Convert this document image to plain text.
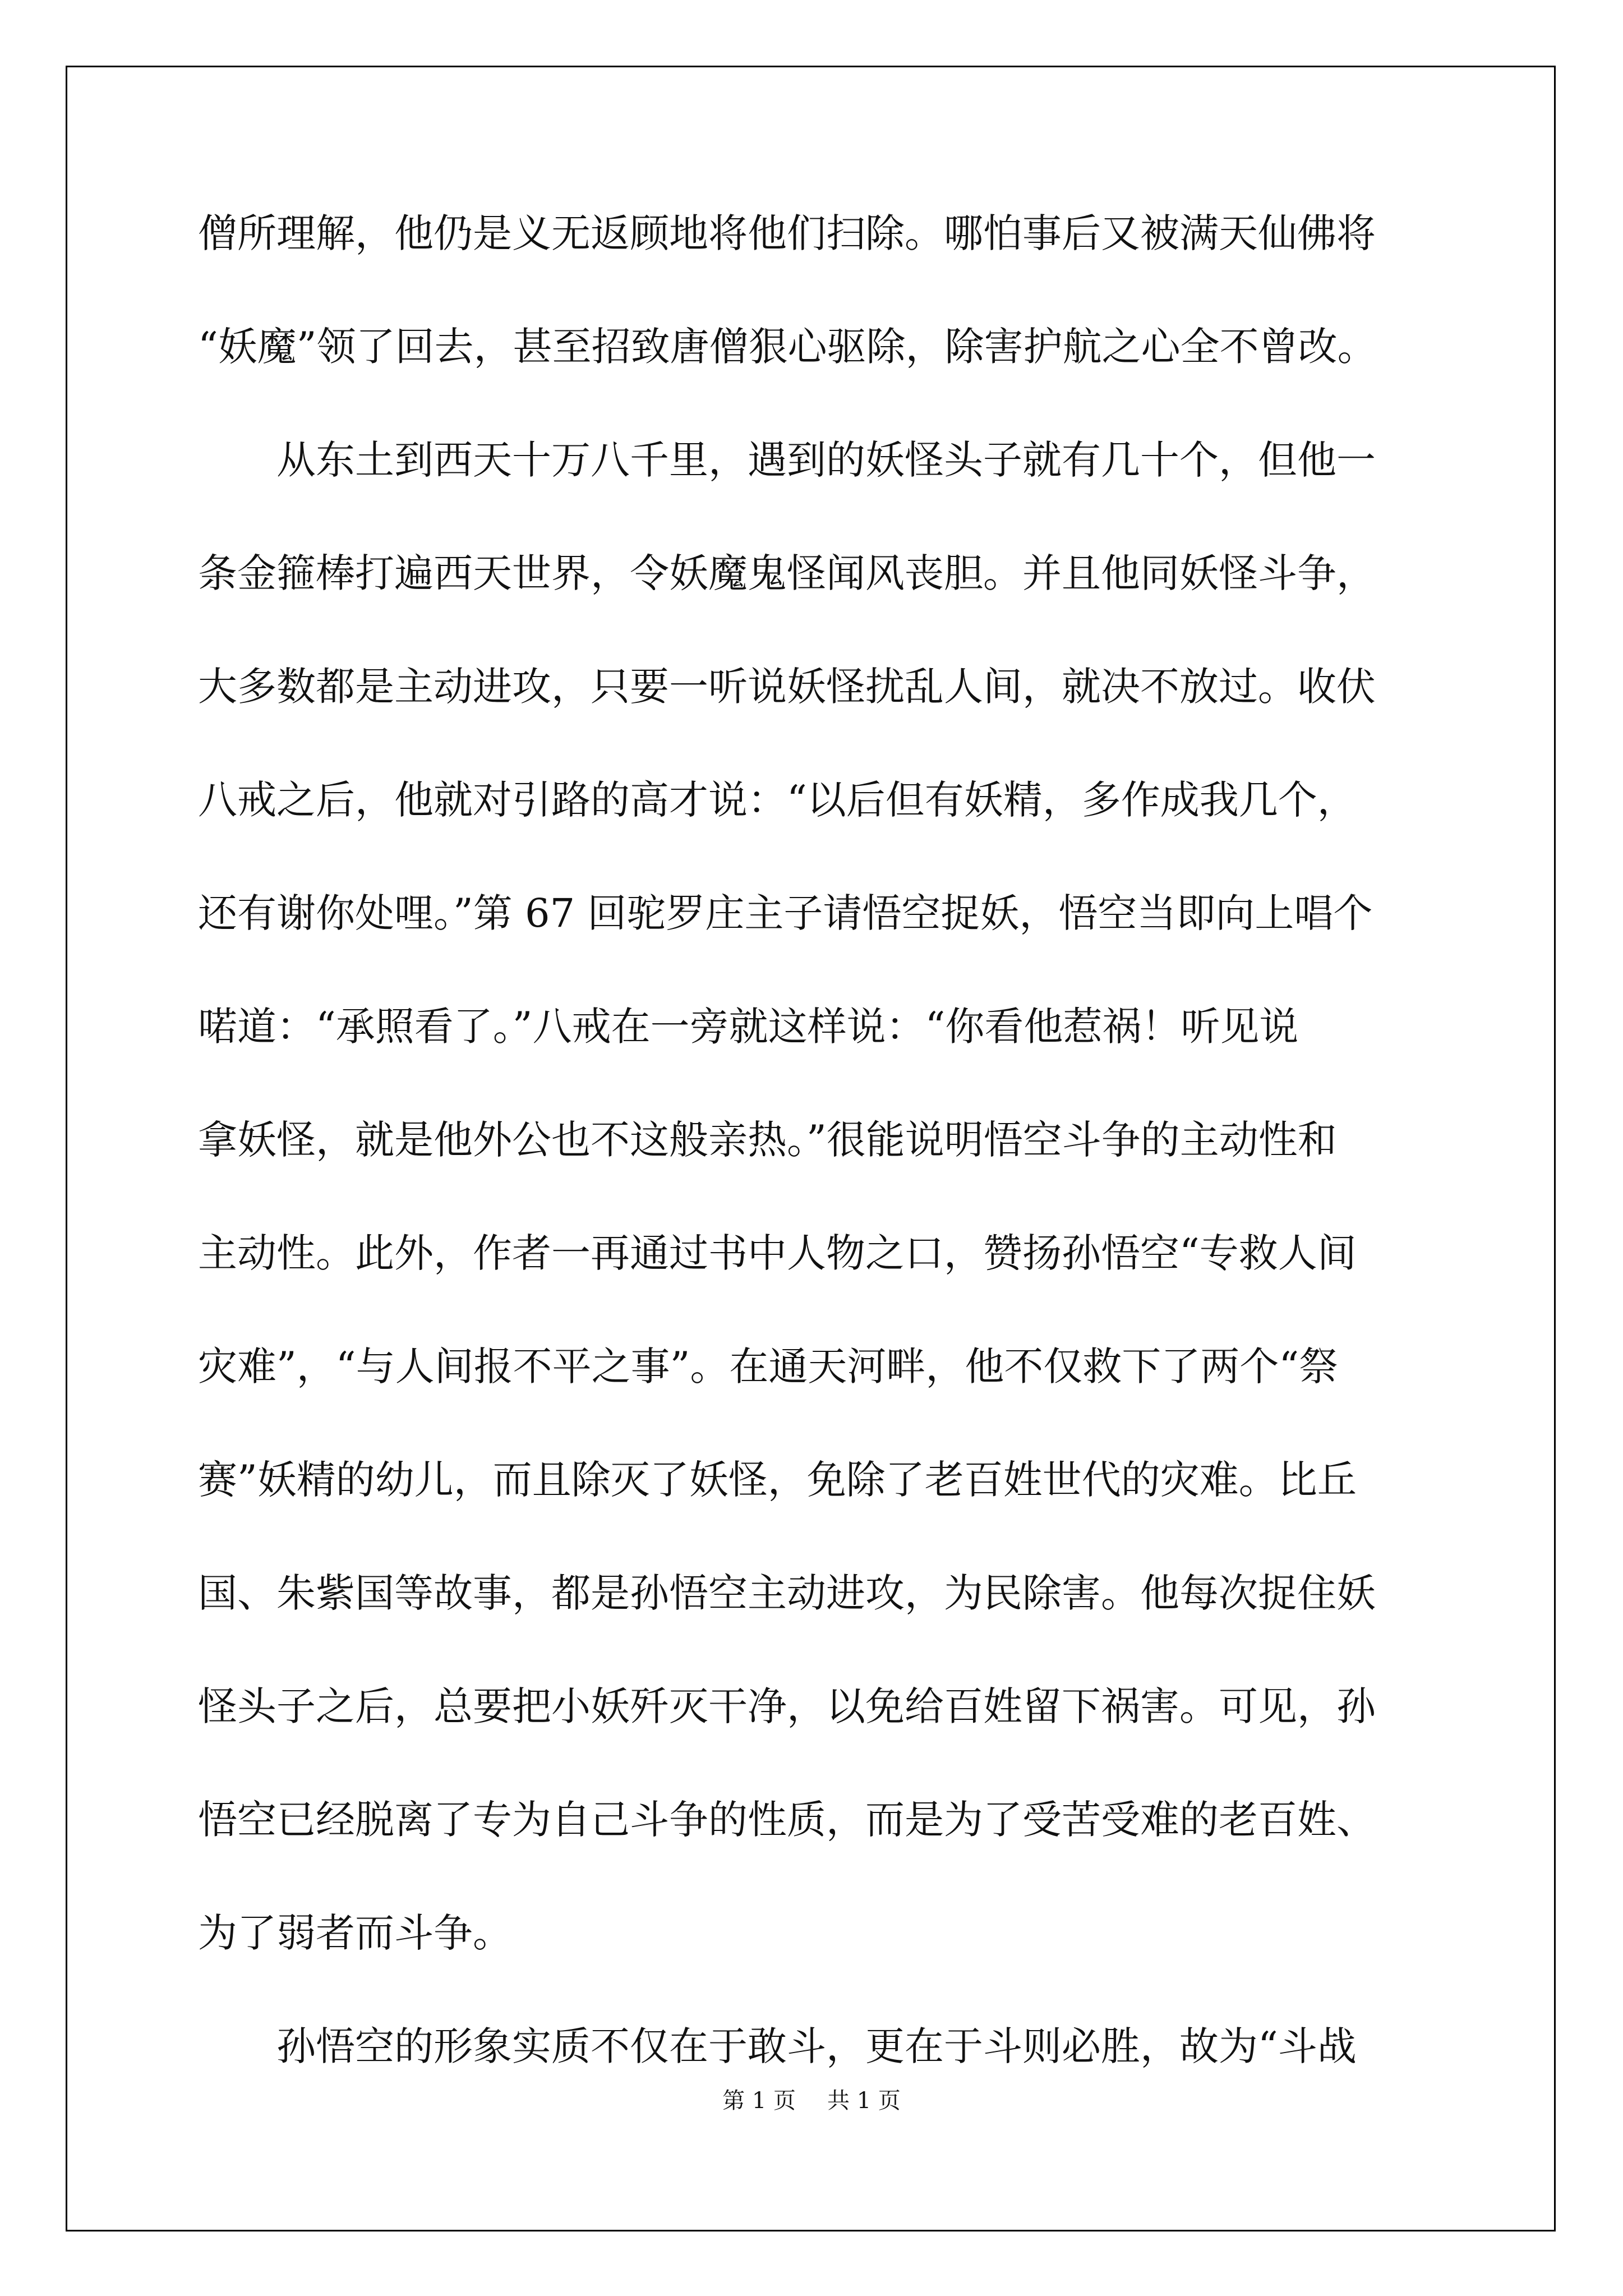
僧所理解，他仍是义无返顾地将他们扫除。哪怕事后又被满天仙佛将
“妖魔”领了回去，甚至招致唐僧狠心驱除，除害护航之心全不曾改。
从东土到西天十万八千里，遇到的妖怪头子就有几十个，但他一
条金箍棒打遍西天世界，令妖魔鬼怪闻风丧胆。并且他同妖怪斗争，
大多数都是主动进攻，只要一听说妖怪扰乱人间，就决不放过。收伏
八戒之后，他就对引路的高才说：“以后但有妖精，多作成我几个，
还有谢你处哩。”第 67 回驼罗庄主子请悟空捉妖，悟空当即向上唱个
喏道：“承照看了。”八戒在一旁就这样说：“你看他惹祸！听见说
拿妖怪，就是他外公也不这般亲热。”很能说明悟空斗争的主动性和
主动性。此外，作者一再通过书中人物之口，赞扬孙悟空“专救人间
灾难”，“与人间报不平之事”。在通天河畔，他不仅救下了两个“祭
赛”妖精的幼儿，而且除灭了妖怪，免除了老百姓世代的灾难。比丘
国、朱紫国等故事，都是孙悟空主动进攻，为民除害。他每次捉住妖
怪头子之后，总要把小妖歼灭干净，以免给百姓留下祸害。可见，孙
悟空已经脱离了专为自己斗争的性质，而是为了受苦受难的老百姓、
为了弱者而斗争。
孙悟空的形象实质不仅在于敢斗，更在于斗则必胜，故为“斗战
第 1 页 共 1 页
